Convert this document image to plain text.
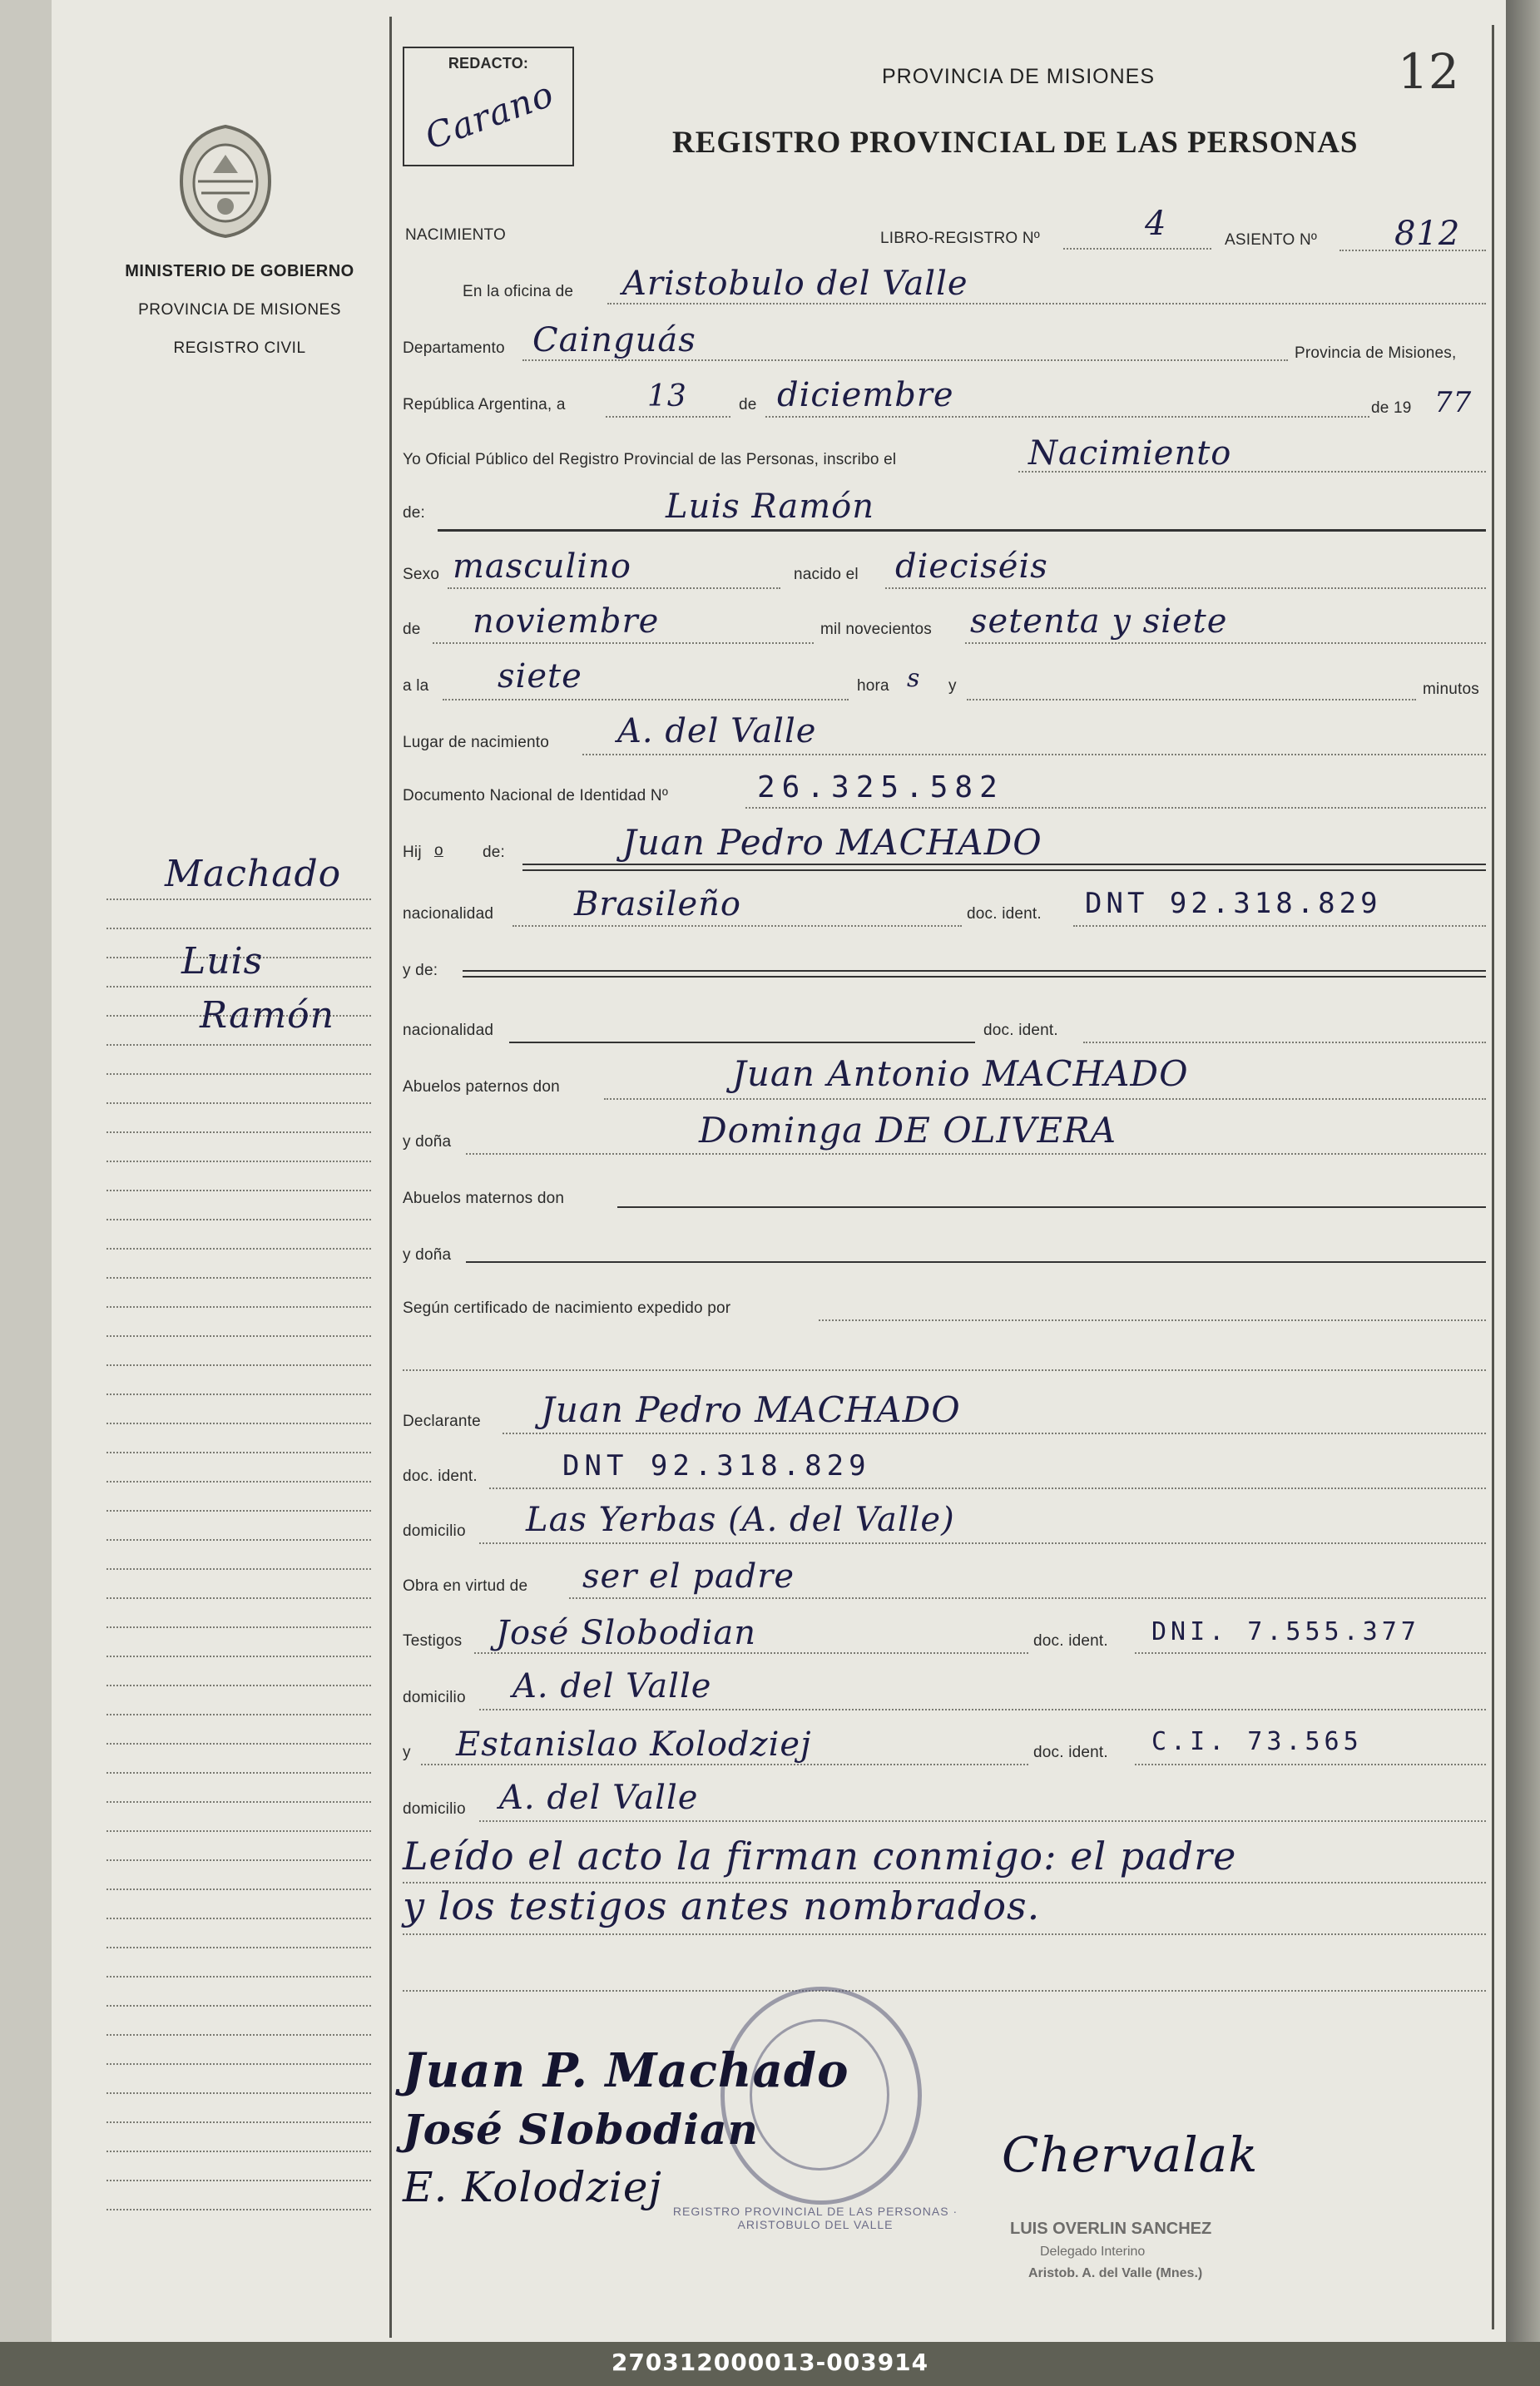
MINISTERIO DE GOBIERNO
PROVINCIA DE MISIONES
REGISTRO CIVIL
Machado
Luis
Ramón
REDACTO:
Carano
12
PROVINCIA DE MISIONES
REGISTRO PROVINCIAL DE LAS PERSONAS
NACIMIENTO	LIBRO-REGISTRO Nº	4	ASIENTO Nº 812
En la oficina de Aristobulo del Valle
Departamento Cainguás	Provincia de Misiones,
República Argentina, a	13	de diciembre	de 19 77
Yo Oficial Público del Registro Provincial de las Personas, inscribo el	Nacimiento
de:	Luis Ramón
Sexo masculino	nacido el dieciséis
de noviembre	mil novecientos setenta y siete
a la siete	hora s y	minutos
Lugar de nacimiento A. del Valle
Documento Nacional de Identidad Nº	26.325.582
Hij o de:	Juan Pedro MACHADO
nacionalidad Brasileño	doc. ident. DNT 92.318.829
y de:
nacionalidad	doc. ident.
Abuelos paternos don	Juan Antonio MACHADO
y doña	Dominga DE OLIVERA
Abuelos maternos don
y doña
Según certificado de nacimiento expedido por
Declarante Juan Pedro MACHADO
doc. ident.	DNT 92.318.829
domicilio Las Yerbas (A. del Valle)
Obra en virtud de ser el padre
Testigos José Slobodian	doc. ident. DNI. 7.555.377
domicilio A. del Valle
y Estanislao Kolodziej	doc. ident. C.I. 73.565
domicilio A. del Valle
Leído el acto la firman conmigo: el padre
y los testigos antes nombrados.
REGISTRO PROVINCIAL DE LAS PERSONAS · ARISTOBULO DEL VALLE
Juan P. Machado
José Slobodian
E. Kolodziej
Chervalak
LUIS OVERLIN SANCHEZ
Delegado Interino
Aristob. A. del Valle (Mnes.)
270312000013-003914
